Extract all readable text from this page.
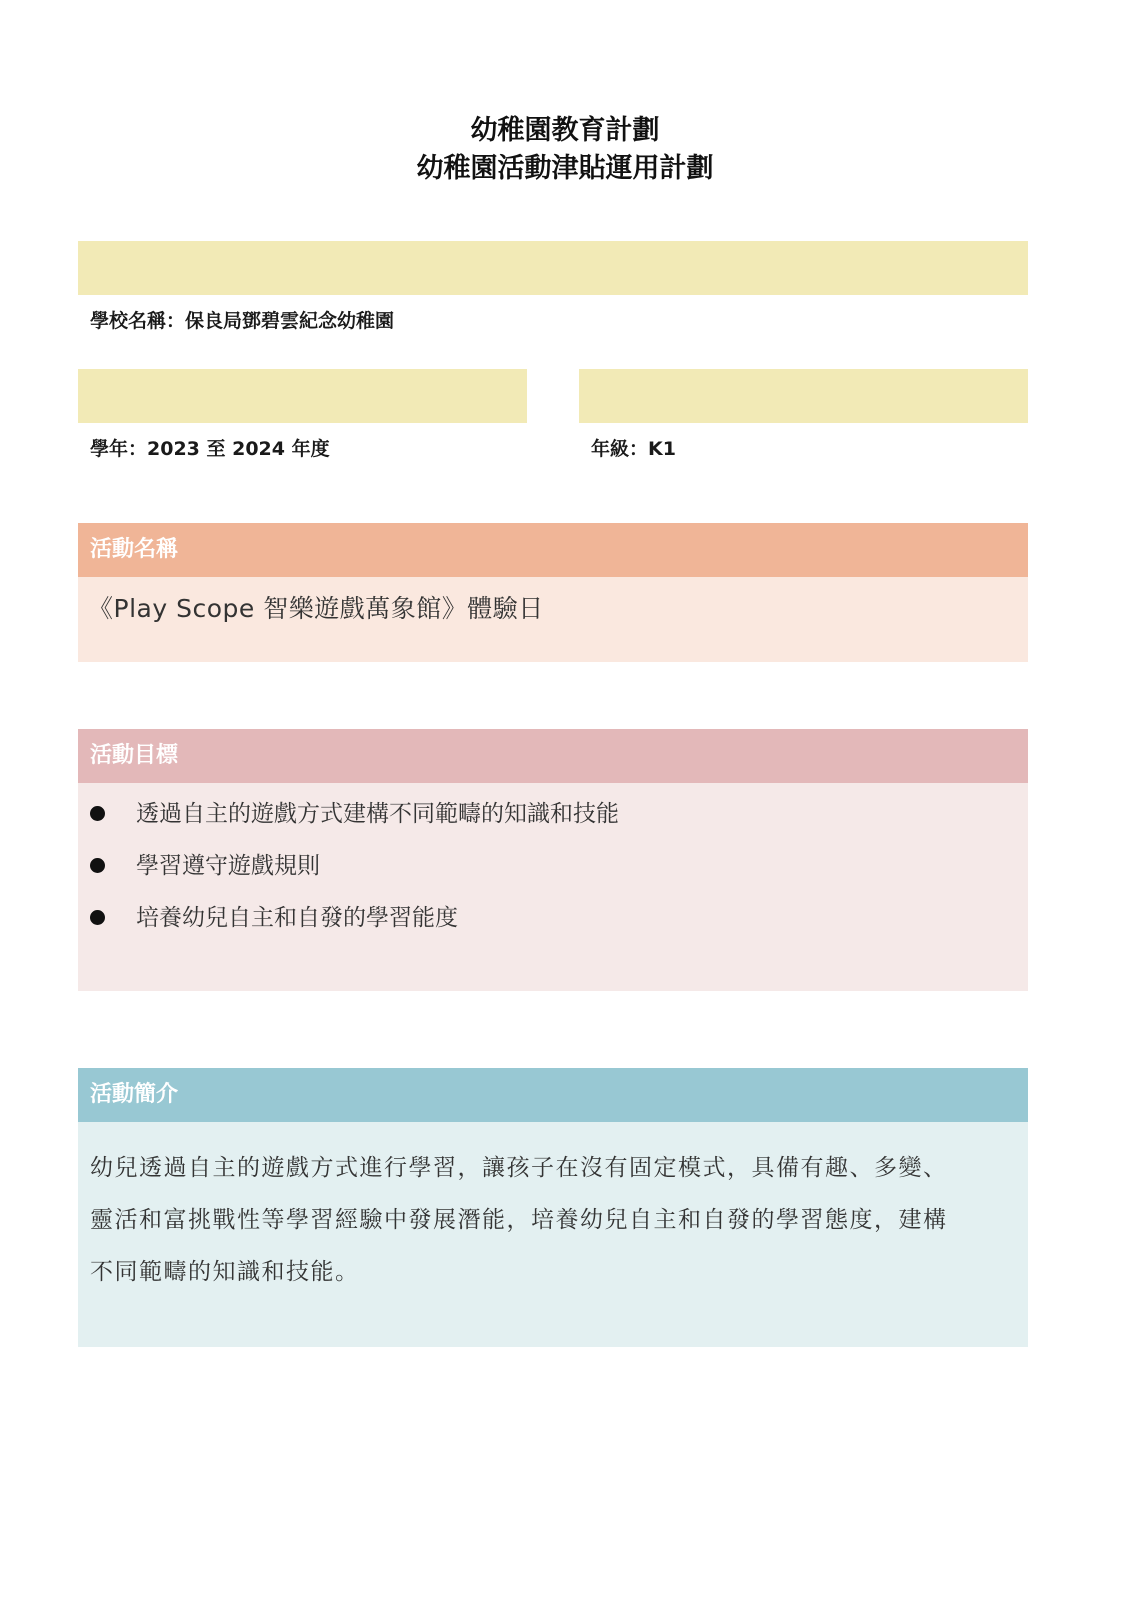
幼稚園教育計劃
幼稚園活動津貼運用計劃
學校名稱：保良局鄧碧雲紀念幼稚園
學年：2023 至 2024 年度	年級：K1
活動名稱
《Play Scope 智樂遊戲萬象館》體驗日
活動目標
透過自主的遊戲方式建構不同範疇的知識和技能
學習遵守遊戲規則
培養幼兒自主和自發的學習能度
活動簡介
幼兒透過自主的遊戲方式進行學習，讓孩子在沒有固定模式，具備有趣、多變、
靈活和富挑戰性等學習經驗中發展潛能，培養幼兒自主和自發的學習態度，建構
不同範疇的知識和技能。
